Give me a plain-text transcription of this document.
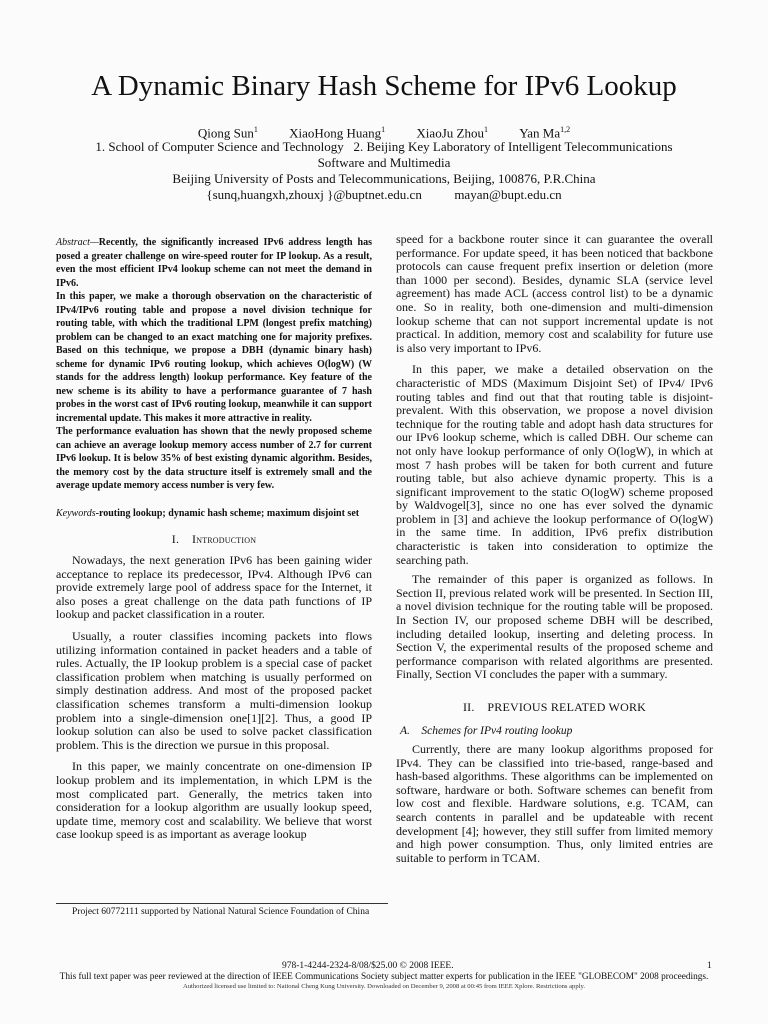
A Dynamic Binary Hash Scheme for IPv6 Lookup
Qiong Sun$^1$ XiaoHong Huang$^1$ XiaoJu Zhou$^1$ Yan Ma$^{1,2}$
1. School of Computer Science and Technology   2. Beijing Key Laboratory of Intelligent Telecommunications
Software and Multimedia
Beijing University of Posts and Telecommunications, Beijing, 100876, P.R.China
{sunq,huangxh,zhouxj }@buptnet.edu.cn          mayan@bupt.edu.cn

Abstract—Recently, the significantly increased IPv6 address length has posed a greater challenge on wire-speed router for IP lookup. As a result, even the most efficient IPv4 lookup scheme can not meet the demand in IPv6.

In this paper, we make a thorough observation on the characteristic of IPv4/IPv6 routing table and propose a novel division technique for routing table, with which the traditional LPM (longest prefix matching) problem can be changed to an exact matching one for majority prefixes. Based on this technique, we propose a DBH (dynamic binary hash) scheme for dynamic IPv6 routing lookup, which achieves O(logW) (W stands for the address length) lookup performance. Key feature of the new scheme is its ability to have a performance guarantee of 7 hash probes in the worst cast of IPv6 routing lookup, meanwhile it can support incremental update. This makes it more attractive in reality.

The performance evaluation has shown that the newly proposed scheme can achieve an average lookup memory access number of 2.7 for current IPv6 lookup. It is below 35% of best existing dynamic algorithm. Besides, the memory cost by the data structure itself is extremely small and the average update memory access number is very few.

Keywords-routing lookup; dynamic hash scheme; maximum disjoint set

I. Introduction

Nowadays, the next generation IPv6 has been gaining wider acceptance to replace its predecessor, IPv4. Although IPv6 can provide extremely large pool of address space for the Internet, it also poses a great challenge on the data path functions of IP lookup and packet classification in a router.

Usually, a router classifies incoming packets into flows utilizing information contained in packet headers and a table of rules. Actually, the IP lookup problem is a special case of packet classification problem when matching is usually performed on simply destination address. And most of the proposed packet classification schemes transform a multi-dimension lookup problem into a single-dimension one[1][2]. Thus, a good IP lookup solution can also be used to solve packet classification problem. This is the direction we pursue in this proposal.

In this paper, we mainly concentrate on one-dimension IP lookup problem and its implementation, in which LPM is the most complicated part. Generally, the metrics taken into consideration for a lookup algorithm are usually lookup speed, update time, memory cost and scalability. We believe that worst case lookup speed is as important as average lookup

speed for a backbone router since it can guarantee the overall performance. For update speed, it has been noticed that backbone protocols can cause frequent prefix insertion or deletion (more than 1000 per second). Besides, dynamic SLA (service level agreement) has made ACL (access control list) to be a dynamic one. So in reality, both one-dimension and multi-dimension lookup scheme that can not support incremental update is not practical. In addition, memory cost and scalability for future use is also very important to IPv6.

In this paper, we make a detailed observation on the characteristic of MDS (Maximum Disjoint Set) of IPv4/ IPv6 routing tables and find out that that routing table is disjoint-prevalent. With this observation, we propose a novel division technique for the routing table and adopt hash data structures for our IPv6 lookup scheme, which is called DBH. Our scheme can not only have lookup performance of only O(logW), in which at most 7 hash probes will be taken for both current and future routing table, but also achieve dynamic property. This is a significant improvement to the static O(logW) scheme proposed by Waldvogel[3], since no one has ever solved the dynamic problem in [3] and achieve the lookup performance of O(logW) in the same time. In addition, IPv6 prefix distribution characteristic is taken into consideration to optimize the searching path.

The remainder of this paper is organized as follows. In Section II, previous related work will be presented. In Section III, a novel division technique for the routing table will be proposed. In Section IV, our proposed scheme DBH will be described, including detailed lookup, inserting and deleting process. In Section V, the experimental results of the proposed scheme and performance comparison with related algorithms are presented. Finally, Section VI concludes the paper with a summary.

II. PREVIOUS RELATED WORK
A. Schemes for IPv4 routing lookup

Currently, there are many lookup algorithms proposed for IPv4. They can be classified into trie-based, range-based and hash-based algorithms. These algorithms can be implemented on software, hardware or both. Software schemes can benefit from low cost and flexible. Hardware solutions, e.g. TCAM, can search contents in parallel and be updateable with recent development [4]; however, they still suffer from limited memory and high power consumption. Thus, only limited entries are suitable to perform in TCAM.

Project 60772111 supported by National Natural Science Foundation of China
978-1-4244-2324-8/08/$25.00 © 2008 IEEE.	1
This full text paper was peer reviewed at the direction of IEEE Communications Society subject matter experts for publication in the IEEE "GLOBECOM" 2008 proceedings.
Authorized licensed use limited to: National Cheng Kung University. Downloaded on December 9, 2008 at 00:45 from IEEE Xplore. Restrictions apply.
